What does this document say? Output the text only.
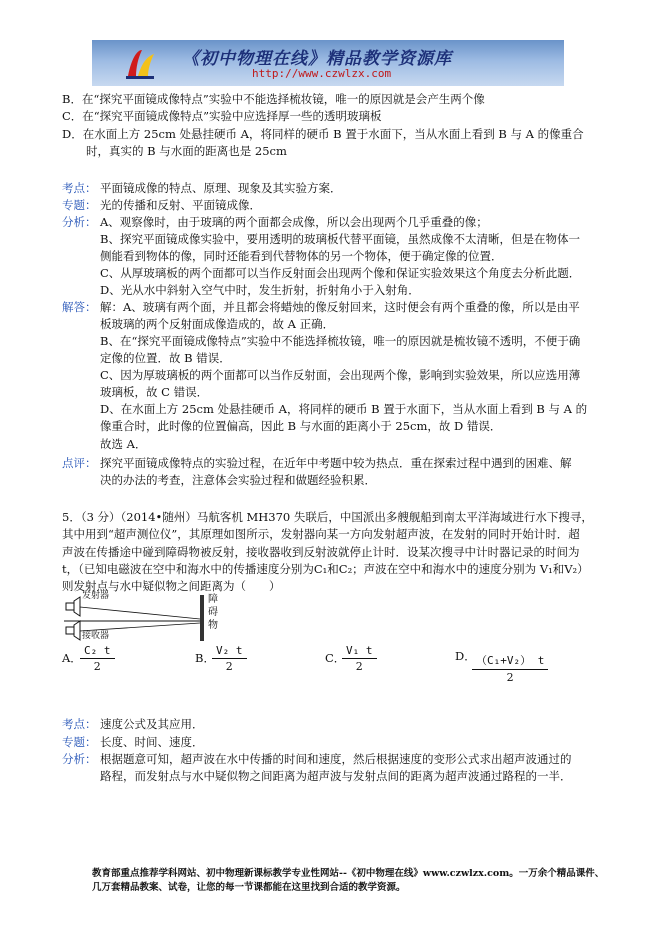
《初中物理在线》精品教学资源库
http://www.czwlzx.com
B．在“探究平面镜成像特点”实验中不能选择梳妆镜，唯一的原因就是会产生两个像
C．在“探究平面镜成像特点”实验中应选择厚一些的透明玻璃板
D．在水面上方 25cm 处悬挂硬币 A，将同样的硬币 B 置于水面下，当从水面上看到 B 与 A 的像重合
时，真实的 B 与水面的距离也是 25cm
考点： 平面镜成像的特点、原理、现象及其实验方案．
专题： 光的传播和反射、平面镜成像．
分析： A、观察像时，由于玻璃的两个面都会成像，所以会出现两个几乎重叠的像；
B、探究平面镜成像实验中，要用透明的玻璃板代替平面镜，虽然成像不太清晰，但是在物体一
侧能看到物体的像，同时还能看到代替物体的另一个物体，便于确定像的位置．
C、从厚玻璃板的两个面都可以当作反射面会出现两个像和保证实验效果这个角度去分析此题．
D、光从水中斜射入空气中时，发生折射，折射角小于入射角．
解答： 解：A、玻璃有两个面，并且都会将蜡烛的像反射回来，这时便会有两个重叠的像，所以是由平
板玻璃的两个反射面成像造成的，故 A 正确．
B、在“探究平面镜成像特点”实验中不能选择梳妆镜，唯一的原因就是梳妆镜不透明，不便于确
定像的位置．故 B 错误．
C、因为厚玻璃板的两个面都可以当作反射面，会出现两个像，影响到实验效果，所以应选用薄
玻璃板，故 C 错误．
D、在水面上方 25cm 处悬挂硬币 A，将同样的硬币 B 置于水面下，当从水面上看到 B 与 A 的
像重合时，此时像的位置偏高，因此 B 与水面的距离小于 25cm，故 D 错误．
故选 A．
点评： 探究平面镜成像特点的实验过程，在近年中考题中较为热点．重在探索过程中遇到的困难、解
决的办法的考查，注意体会实验过程和做题经验积累．
5．（3 分）（2014•随州）马航客机 MH370 失联后，中国派出多艘舰船到南太平洋海域进行水下搜寻，
其中用到“超声测位仪”，其原理如图所示，发射器向某一方向发射超声波，在发射的同时开始计时．超
声波在传播途中碰到障碍物被反射，接收器收到反射波就停止计时．设某次搜寻中计时器记录的时间为
t，（已知电磁波在空中和海水中的传播速度分别为C₁和C₂；声波在空中和海水中的速度分别为 V₁和V₂）
则发射点与水中疑似物之间距离为（　　）
发射器
接收器
障碍物
A．
C₂ t
2
B．
V₂ t
2
C．
V₁ t
2
D． （C₁+V₂） t
2
考点： 速度公式及其应用．
专题： 长度、时间、速度．
分析： 根据题意可知，超声波在水中传播的时间和速度，然后根据速度的变形公式求出超声波通过的
路程，而发射点与水中疑似物之间距离为超声波与发射点间的距离为超声波通过路程的一半．
教育部重点推荐学科网站、初中物理新课标教学专业性网站--《初中物理在线》www.czwlzx.com。一万余个精品课件、
几万套精品教案、试卷，让您的每一节课都能在这里找到合适的教学资源。
